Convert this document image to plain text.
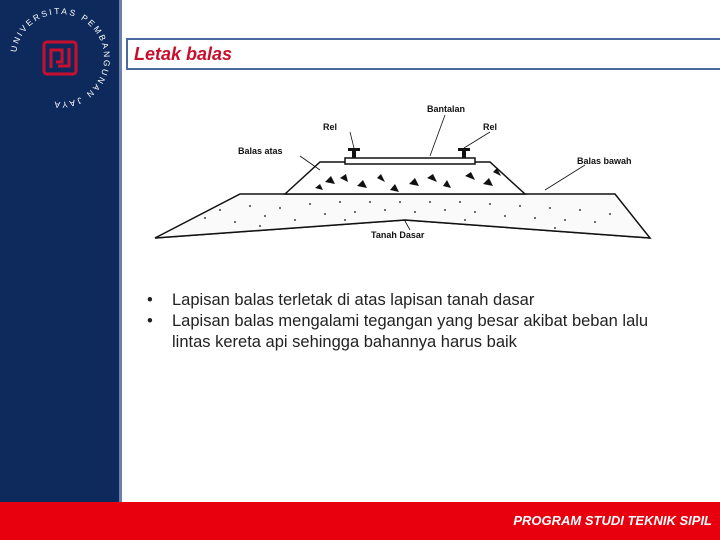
UNIVERSITAS PEMBANGUNAN JAYA
Letak balas
Bantalan
Rel	Rel
Balas atas
Balas bawah
Tanah Dasar
• Lapisan balas terletak di atas lapisan tanah dasar
• Lapisan balas mengalami tegangan yang besar akibat beban lalu lintas kereta api sehingga bahannya harus baik
PROGRAM STUDI TEKNIK SIPIL
